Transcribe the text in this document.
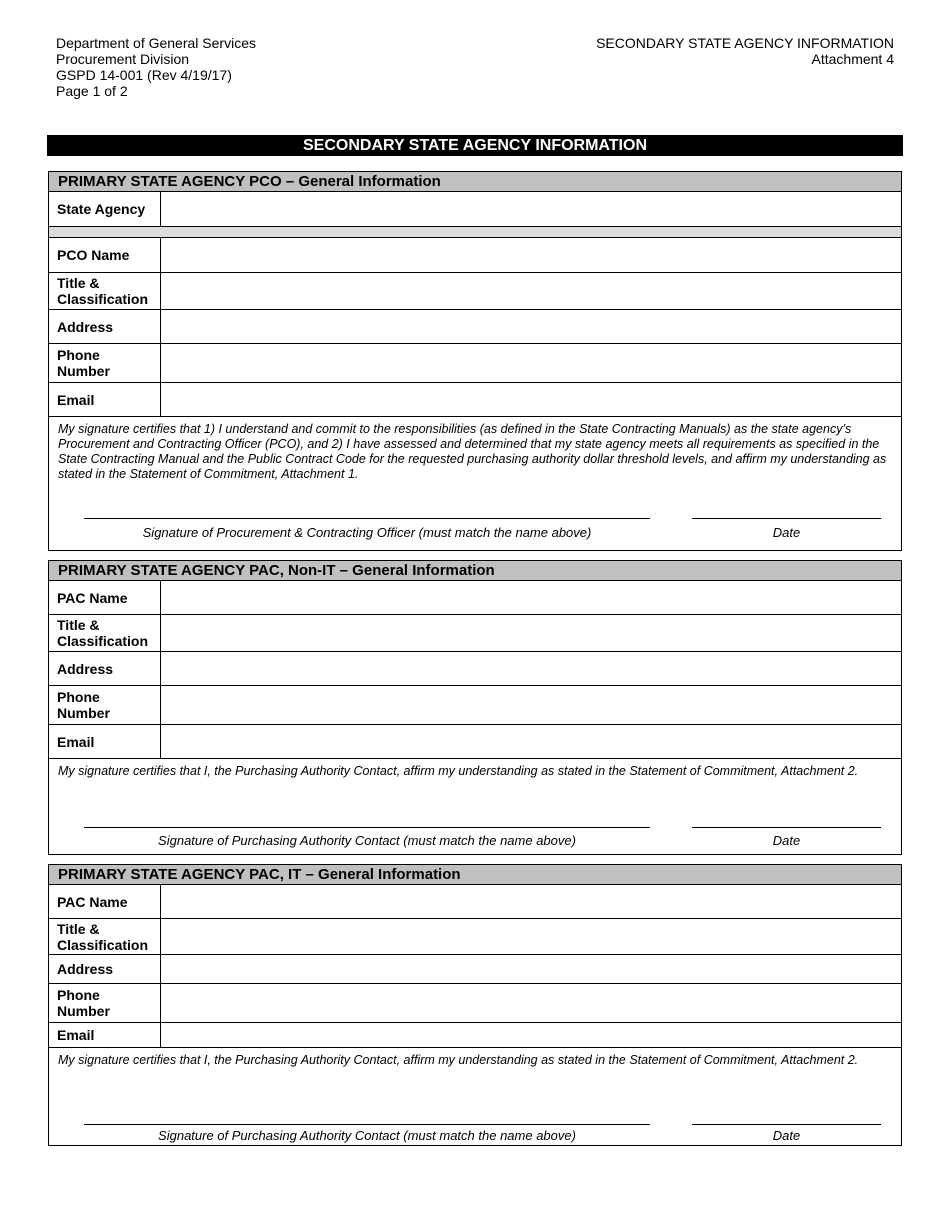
Department of General Services
Procurement Division
GSPD 14-001 (Rev 4/19/17)
Page 1 of 2
SECONDARY STATE AGENCY INFORMATION
Attachment 4
SECONDARY STATE AGENCY INFORMATION
PRIMARY STATE AGENCY PCO – General Information
State Agency
PCO Name
Title &
Classification
Address
Phone
Number
Email
My signature certifies that 1) I understand and commit to the responsibilities (as defined in the State Contracting Manuals) as the state agency’s Procurement and Contracting Officer (PCO), and 2) I have assessed and determined that my state agency meets all requirements as specified in the State Contracting Manual and the Public Contract Code for the requested purchasing authority dollar threshold levels, and affirm my understanding as stated in the Statement of Commitment, Attachment 1.
Signature of Procurement & Contracting Officer (must match the name above)	Date
PRIMARY STATE AGENCY PAC, Non-IT – General Information
PAC Name
Title &
Classification
Address
Phone
Number
Email
My signature certifies that I, the Purchasing Authority Contact, affirm my understanding as stated in the Statement of Commitment, Attachment 2.
Signature of Purchasing Authority Contact (must match the name above)	Date
PRIMARY STATE AGENCY PAC, IT – General Information
PAC Name
Title &
Classification
Address
Phone
Number
Email
My signature certifies that I, the Purchasing Authority Contact, affirm my understanding as stated in the Statement of Commitment, Attachment 2.
Signature of Purchasing Authority Contact (must match the name above)	Date
